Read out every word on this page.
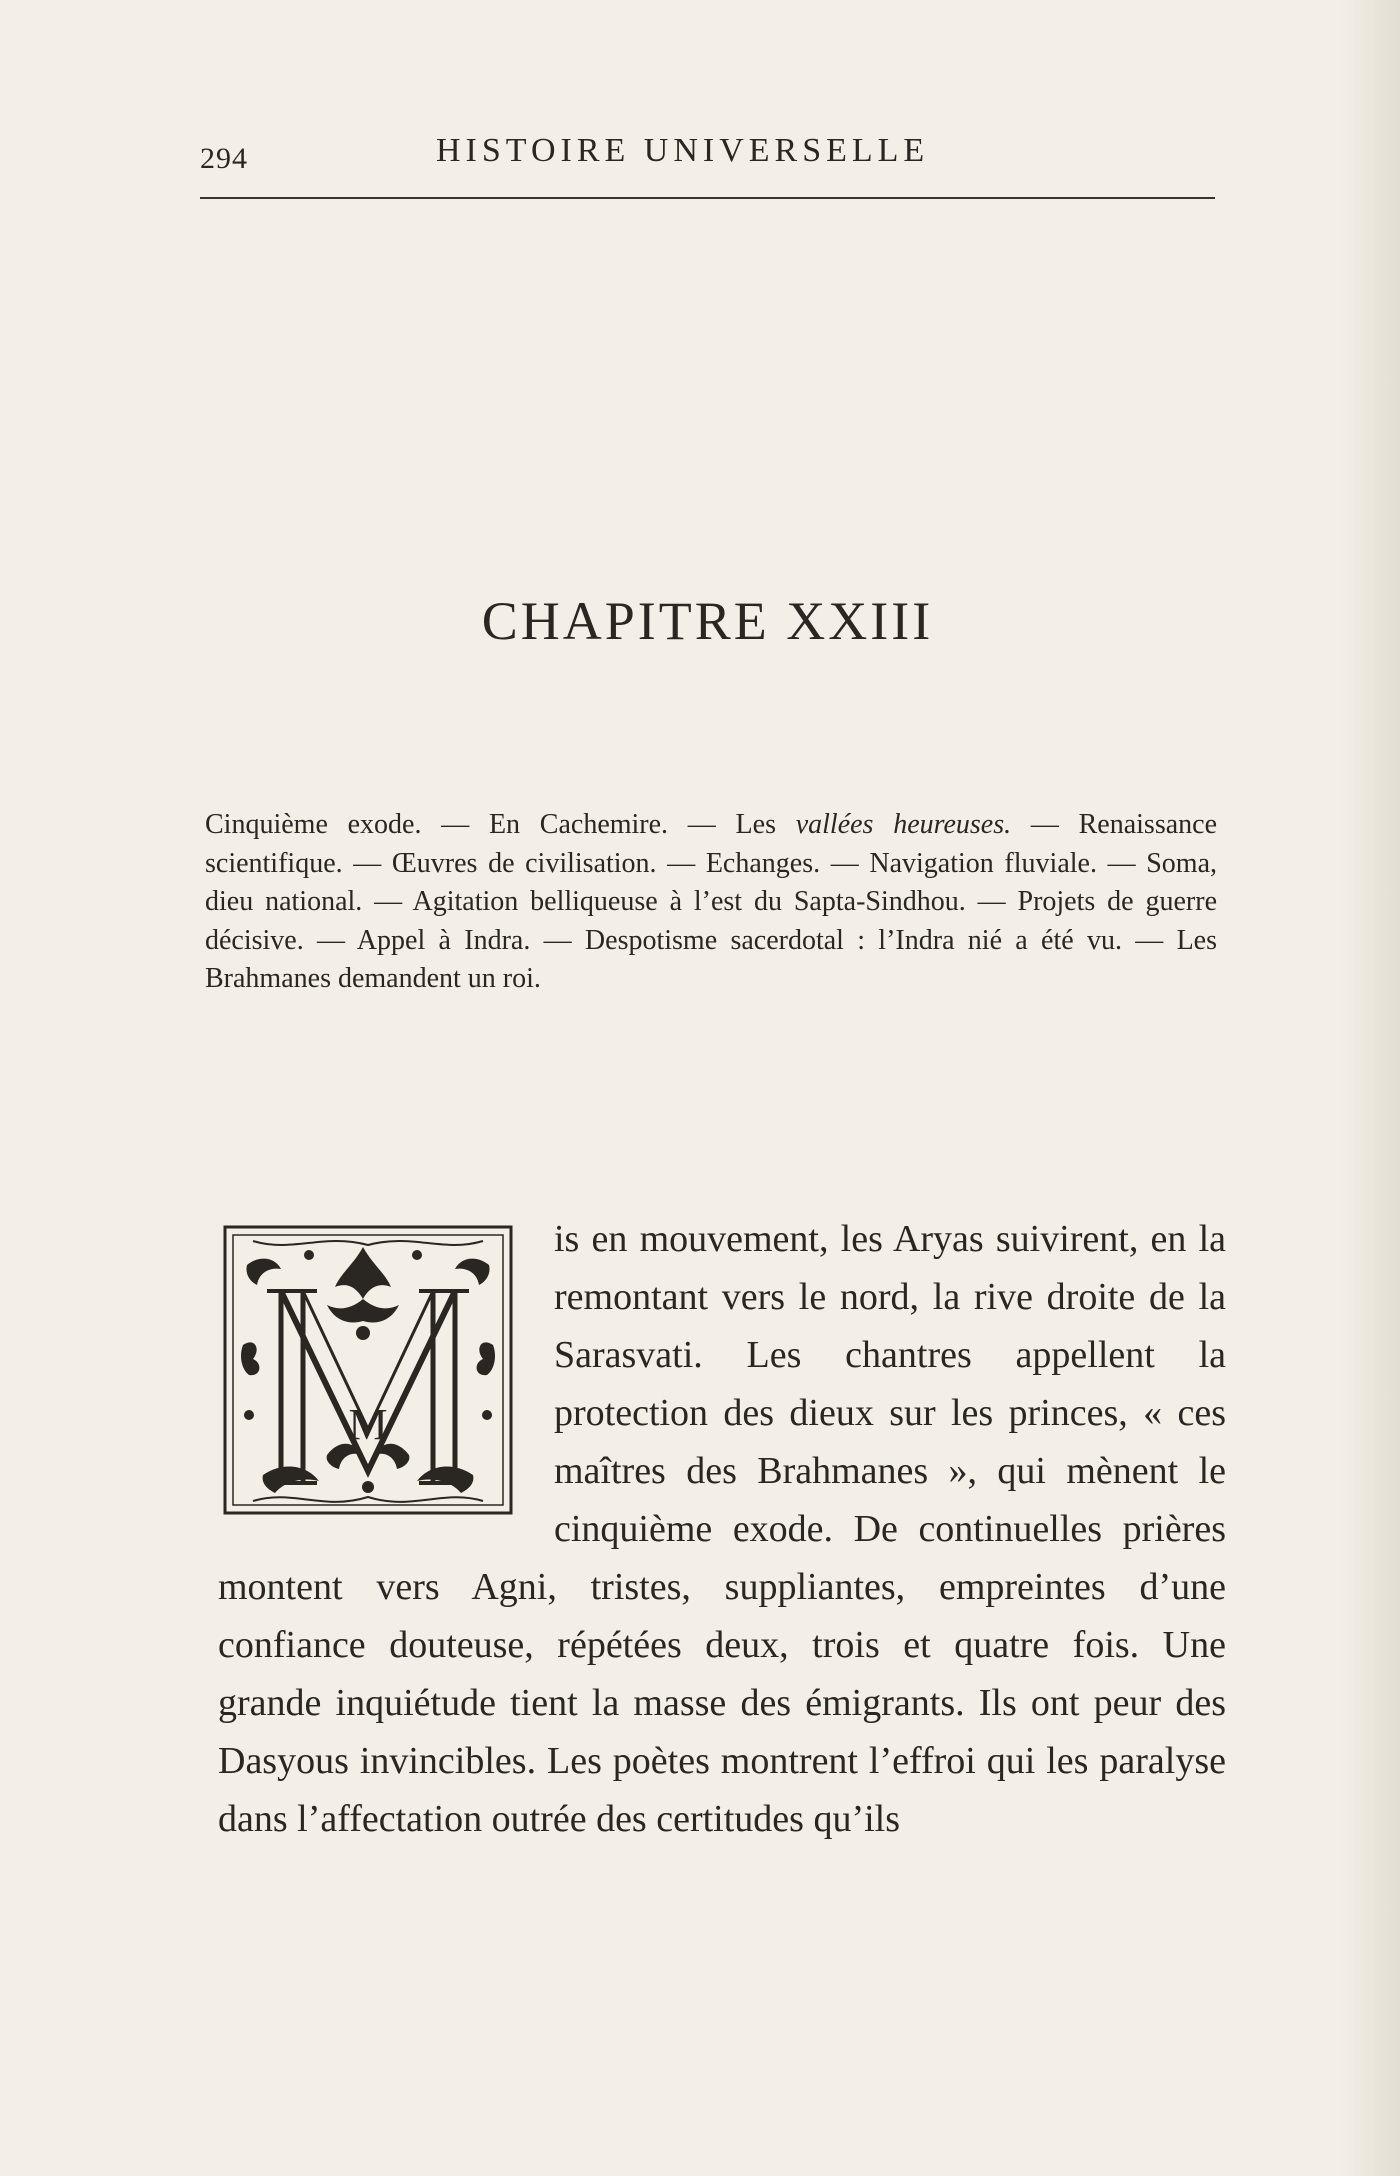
294	HISTOIRE UNIVERSELLE
CHAPITRE XXIII

Cinquième exode. — En Cachemire. — Les vallées heureuses. — Renaissance scientifique. — Œuvres de civilisation. — Echanges. — Navigation fluviale. — Soma, dieu national. — Agitation belliqueuse à l’est du Sapta-Sindhou. — Projets de guerre décisive. — Appel à Indra. — Despotisme sacerdotal : l’Indra nié a été vu. — Les Brahmanes demandent un roi.

M

is en mouvement, les Aryas suivirent, en la remontant vers le nord, la rive droite de la Sarasvati. Les chantres appellent la protection des dieux sur les princes, « ces maîtres des Brahmanes », qui mènent le cinquième exode. De continuelles prières montent vers Agni, tristes, suppliantes, empreintes d’une confiance douteuse, répétées deux, trois et quatre fois. Une grande inquiétude tient la masse des émigrants. Ils ont peur des Dasyous invincibles. Les poètes montrent l’effroi qui les paralyse dans l’affectation outrée des certitudes qu’ils
